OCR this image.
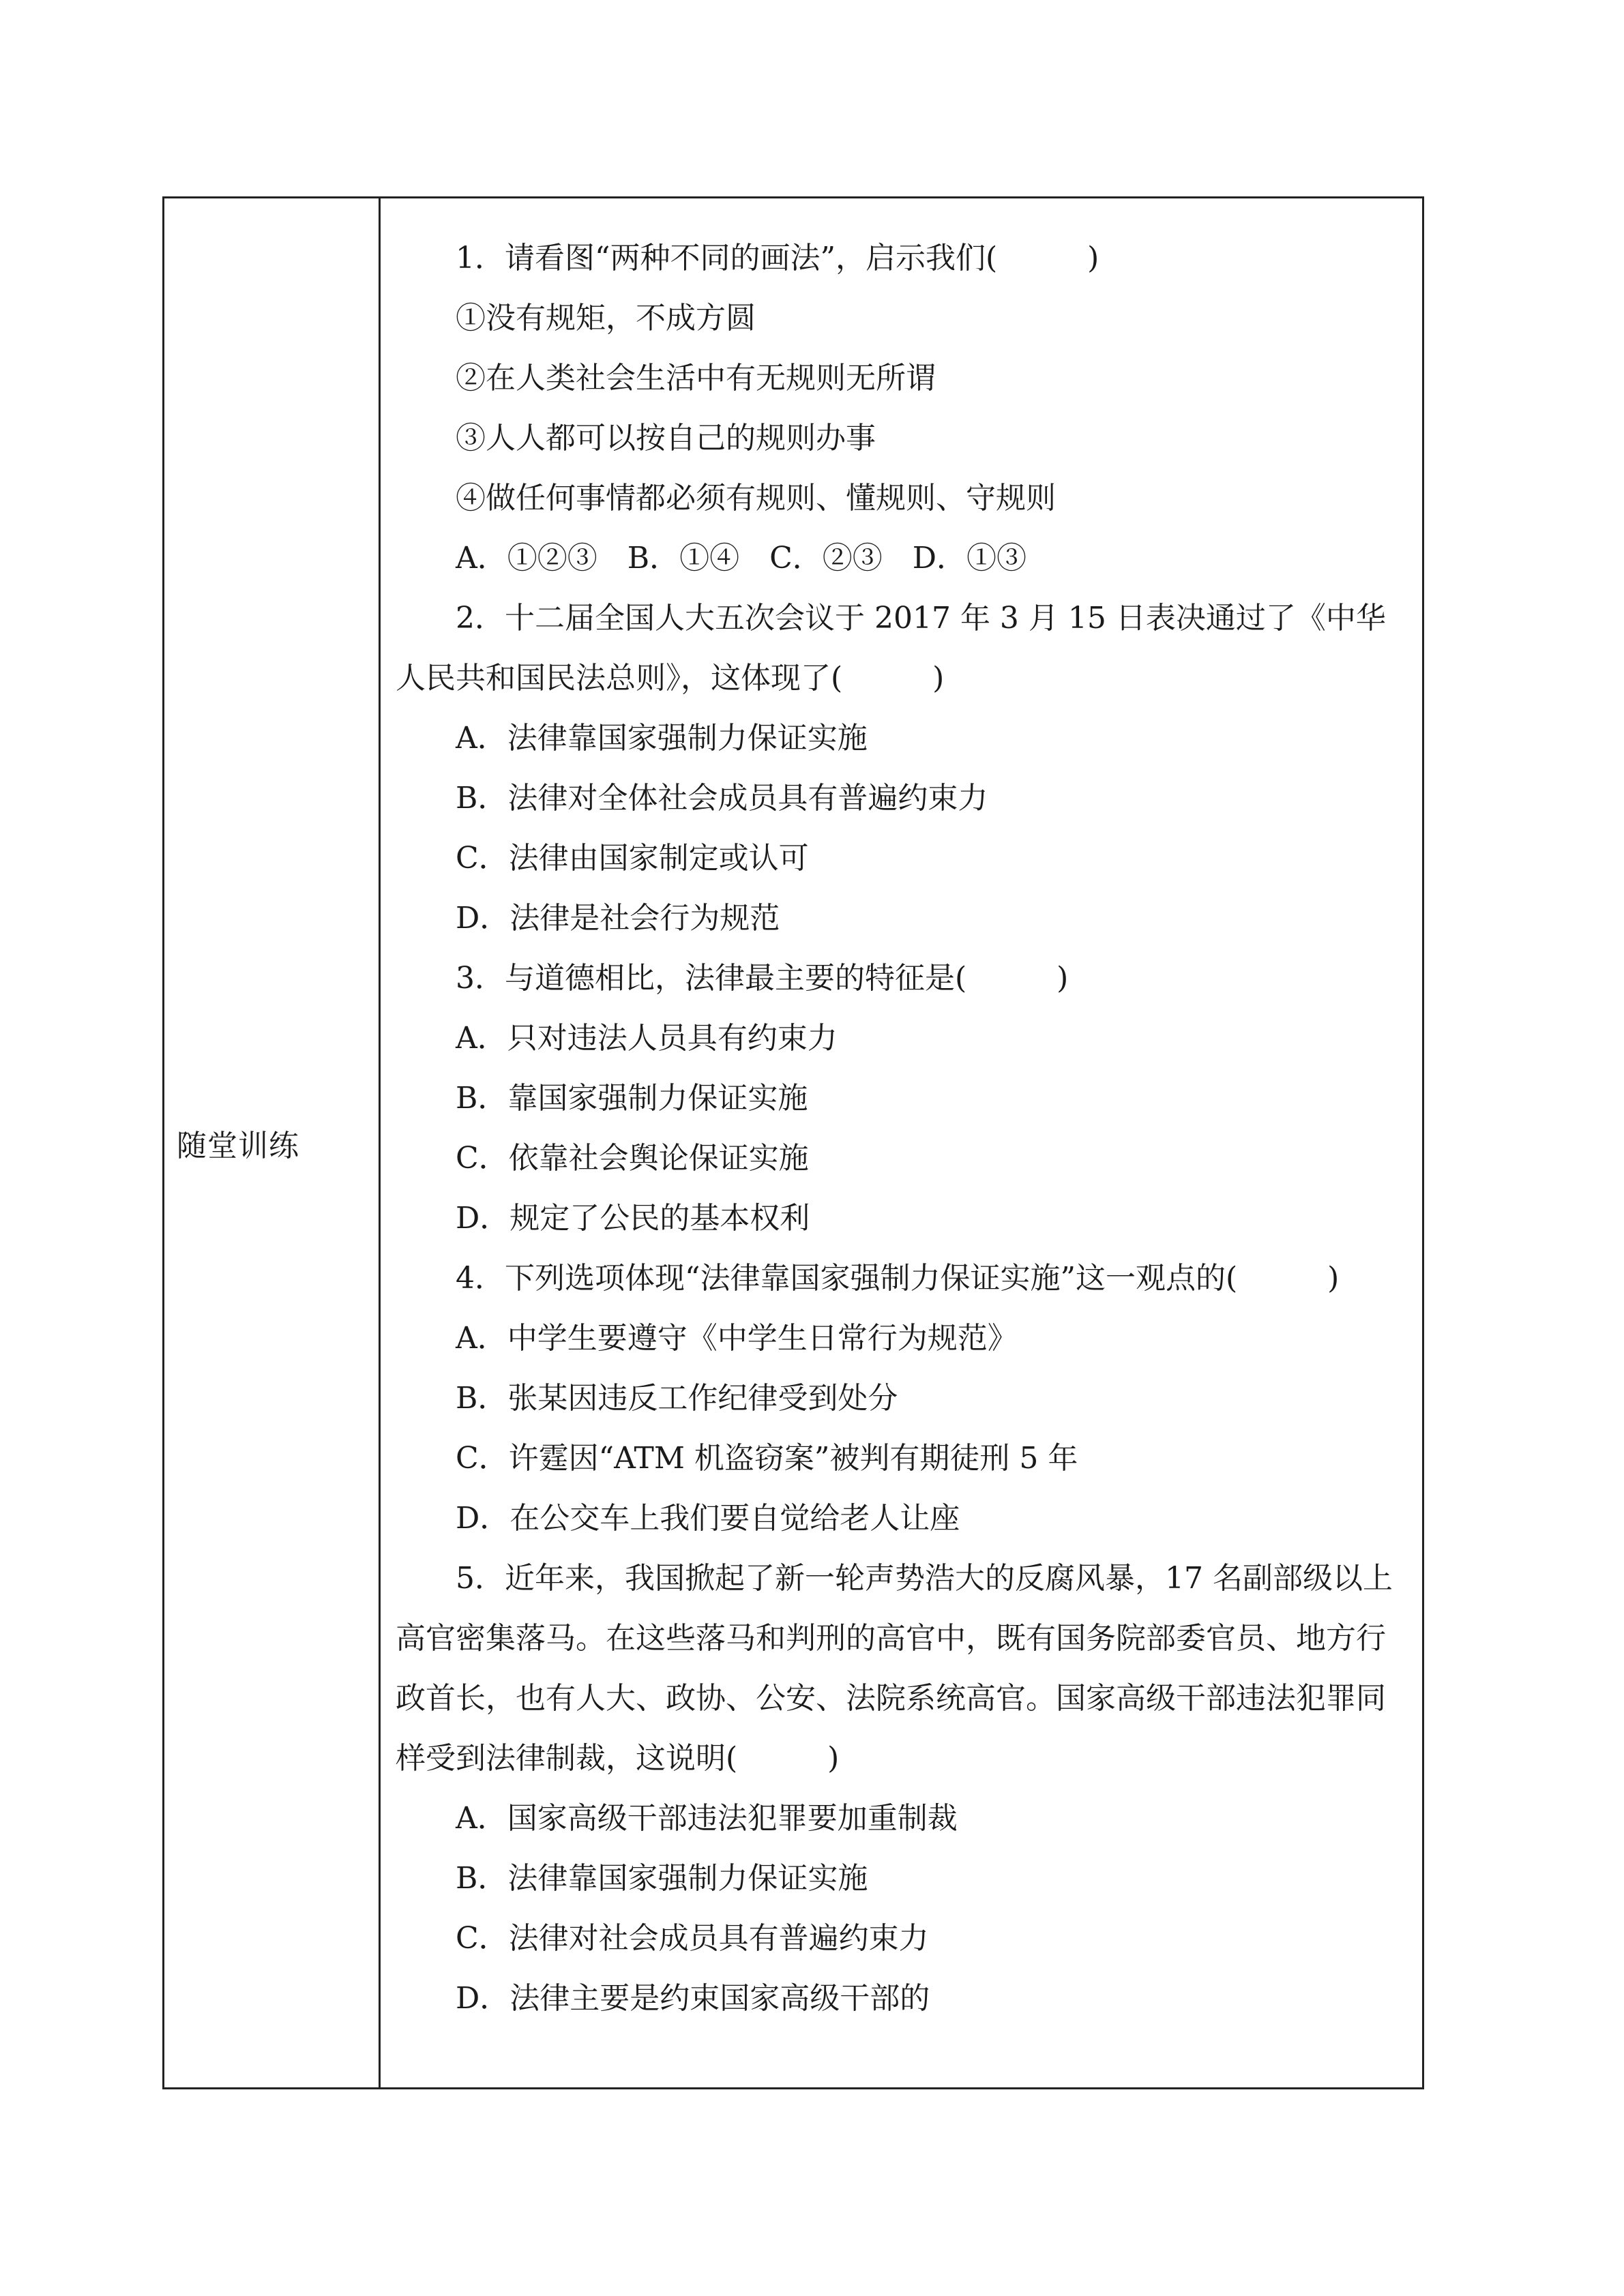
随堂训练
1．请看图“两种不同的画法”，启示我们(　　　)
①没有规矩，不成方圆
②在人类社会生活中有无规则无所谓
③人人都可以按自己的规则办事
④做任何事情都必须有规则、懂规则、守规则
A．①②③　B．①④　C．②③　D．①③
2．十二届全国人大五次会议于 2017 年 3 月 15 日表决通过了《中华人民共和国民法总则》，这体现了(　　　)
A．法律靠国家强制力保证实施
B．法律对全体社会成员具有普遍约束力
C．法律由国家制定或认可
D．法律是社会行为规范
3．与道德相比，法律最主要的特征是(　　　)
A．只对违法人员具有约束力
B．靠国家强制力保证实施
C．依靠社会舆论保证实施
D．规定了公民的基本权利
4．下列选项体现“法律靠国家强制力保证实施”这一观点的(　　　)
A．中学生要遵守《中学生日常行为规范》
B．张某因违反工作纪律受到处分
C．许霆因“ATM 机盗窃案”被判有期徒刑 5 年
D．在公交车上我们要自觉给老人让座
5．近年来，我国掀起了新一轮声势浩大的反腐风暴，17 名副部级以上高官密集落马。在这些落马和判刑的高官中，既有国务院部委官员、地方行政首长，也有人大、政协、公安、法院系统高官。国家高级干部违法犯罪同样受到法律制裁，这说明(　　　)
A．国家高级干部违法犯罪要加重制裁
B．法律靠国家强制力保证实施
C．法律对社会成员具有普遍约束力
D．法律主要是约束国家高级干部的
